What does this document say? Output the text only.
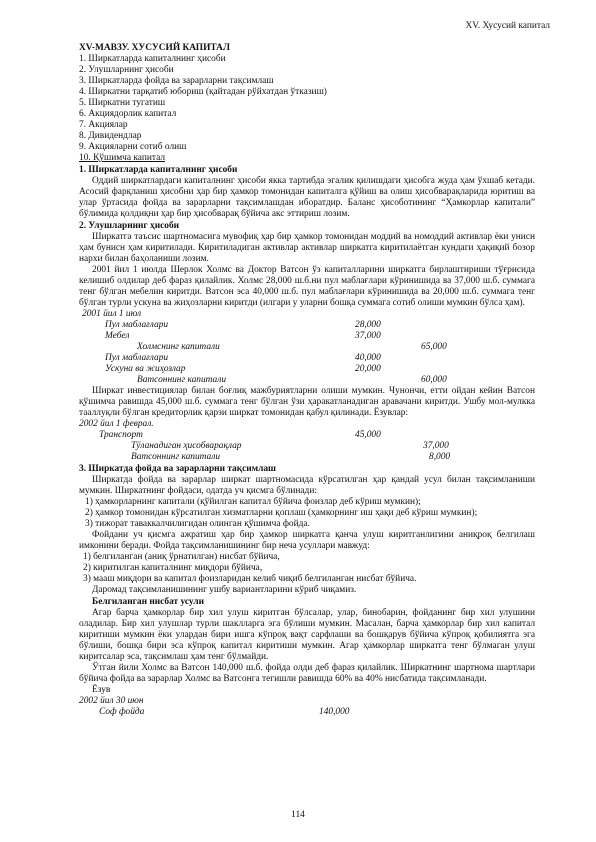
XV. Хусусий капитал
XV-МАВЗУ. ХУСУСИЙ КАПИТАЛ
1. Ширкатларда капиталнинг ҳисоби
2. Улушларнинг ҳисоби
3. Ширкатларда фойда ва зарарларни тақсимлаш
4. Ширкатни тарқатиб юбориш (қайтадан рўйхатдан ўтказиш)
5. Ширкатни тугатиш
6. Акциядорлик капитал
7. Акциялар
8. Дивидендлар
9. Акцияларни сотиб олиш
10. Қўшимча капитал
1. Ширкатларда капиталнинг ҳисоби

Оддий ширкатлардаги капиталнинг ҳисоби якка тартибда эгалик қилишдаги ҳисобга жуда ҳам ўхшаб кетади. Асосий фарқланиш ҳисобни ҳар бир ҳамкор томонидан капиталга қўйиш ва олиш ҳисобварақларида юритиш ва улар ўртасида фойда ва зарарларни тақсимлашдан иборатдир. Баланс ҳисоботининг “Ҳамкорлар капитали” бўлимида қолдиқни ҳар бир ҳисобварақ бўйича акс эттириш лозим.

2. Улушларнинг ҳисоби

Ширкатга таъсис шартномасига мувофиқ ҳар бир ҳамкор томонидан моддий ва номоддий активлар ёки унисн ҳам бунисн ҳам киритилади. Киритиладиган активлар активлар ширкатга киритилаётган кундаги ҳақиқий бозор нархи билан баҳоланиши лозим.

2001 йил 1 июлда Шерлок Холмс ва Доктор Ватсон ўз капиталларини ширкатга бирлаштириши тўғрисида келишиб олдилар деб фараз қилайлик. Холмс 28,000 ш.б.ни пул маблағлари кўринишида ва 37,000 ш.б. суммага тенг бўлган мебелин киритди. Ватсон эса 40,000 ш.б. пул маблағлари кўринишида ва 20,000 ш.б. суммага тенг бўлган турли ускуна ва жиҳозларни киритди (илгари у уларни бошқа суммага сотиб олиши мумкин бўлса ҳам).

2001 йил 1 июл
Пул маблағлари	28,000
Мебел	37,000
Холмснинг капитали	65,000
Пул маблағлари	40,000
Ускуна ва жиҳозлар	20,000
Ватсоннинг капитали	60,000

Ширкат инвестициялар билан боғлиқ мажбуриятларни олиши мумкин. Чунончи, етти ойдан кейин Ватсон қўшимча равишда 45,000 ш.б. суммага тенг бўлган ўзи ҳаракатланадиган аравачани киритди. Ушбу мол-мулкка тааллуқли бўлган кредиторлик қарзи ширкат томонидан қабул қилинади. Ёзувлар:

2002 йил 1 феврал.
Транспорт	45,000
Тўланадиган ҳисобварақлар	37,000
Ватсоннинг капитали	8,000
3. Ширкатда фойда ва зарарларни тақсимлаш

Ширкатда фойда ва зарарлар ширкат шартномасида кўрсатилган ҳар қандай усул билан тақсимланиши мумкин. Ширкатнинг фойдаси, одатда уч қисмга бўлинади:

1) ҳамкорларнинг капитали (қўйилган капитал бўйича фоизлар деб кўриш мумкин);
2) ҳамкор томонидан кўрсатилган хизматларни қоплаш (ҳамкорнинг иш ҳақи деб кўриш мумкин);
3) тижорат таваккалчилигидан олинган қўшимча фойда.

Фойдани уч қисмга ажратиш ҳар бир ҳамкор ширкатга қанча улуш киритганлигини аниқроқ белгилаш имконини беради. Фойда тақсимланишининг бир неча усуллари мавжуд:

1) белгиланган (аниқ ўрнатилган) нисбат бўйича,
2) киритилган капиталнинг миқдори бўйича,
3) мааш миқдори ва капитал фоизларидан келиб чиқиб белгиланган нисбат бўйича.

Даромад тақсимланишининг ушбу вариантларини кўриб чиқамиз.

Белгиланган нисбат усули

Агар барча ҳамкорлар бир хил улуш киритган бўлсалар, улар, бинобарин, фойданинг бир хил улушини оладилар. Бир хил улушлар турли шаклларга эга бўлиши мумкин. Масалан, барча ҳамкорлар бир хил капитал киритиши мумкин ёки улардан бири ишга кўпроқ вақт сарфлаши ва бошқарув бўйича кўпроқ қобилиятга эга бўлиши, бошқа бири эса кўпроқ капитал киритиши мумкин. Агар ҳамкорлар ширкатга тенг бўлмаган улуш киритсалар эса, тақсимлаш ҳам тенг бўлмайди.

Ўтган йили Холмс ва Ватсон 140,000 ш.б. фойда олди деб фараз қилайлик. Ширкатнинг шартнома шартлари бўйича фойда ва зарарлар Холмс ва Ватсонга тегишли равишда 60% ва 40% нисбатида тақсимланади.

Ёзув

2002 йил 30 июн
Соф фойда	140,000
114
